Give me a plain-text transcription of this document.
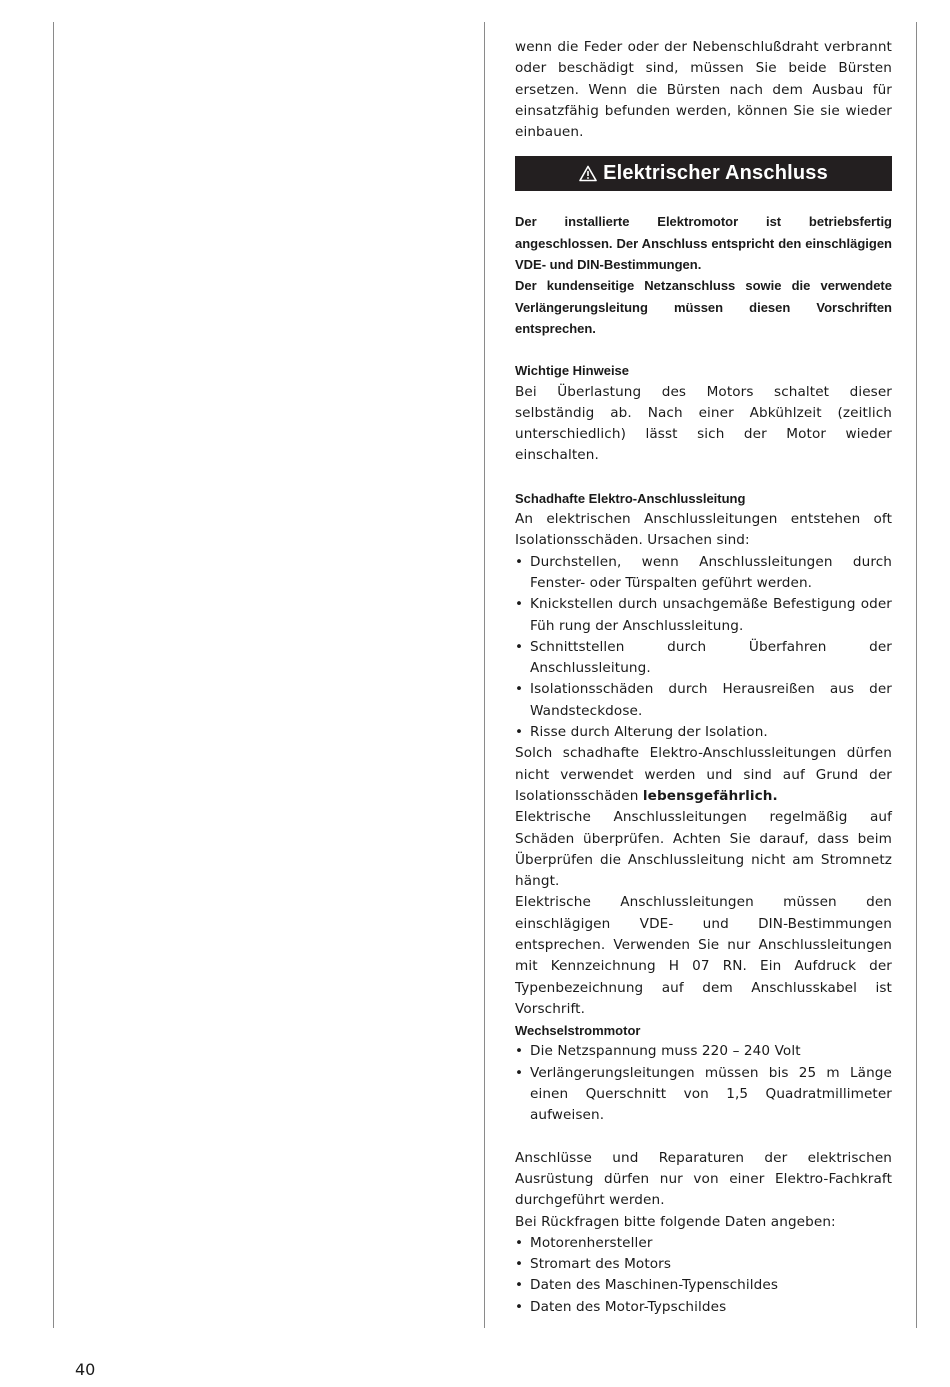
wenn die Feder oder der Nebenschlußdraht verbrannt oder beschädigt sind, müssen Sie beide Bürsten ersetzen. Wenn die Bürsten nach dem Ausbau für einsatzfähig befunden werden, können Sie sie wieder einbauen.

Elektrischer Anschluss

Der installierte Elektromotor ist betriebsfertig angeschlossen. Der Anschluss entspricht den einschlägigen VDE- und DIN-Bestimmungen.

Der kundenseitige Netzanschluss sowie die verwendete Verlängerungsleitung müssen diesen Vorschriften entsprechen.

Wichtige Hinweise

Bei Überlastung des Motors schaltet dieser selbständig ab. Nach einer Abkühlzeit (zeitlich unterschiedlich) lässt sich der Motor wieder einschalten.

Schadhafte Elektro-Anschlussleitung

An elektrischen Anschlussleitungen entstehen oft Isolationsschäden. Ursachen sind:

• Durchstellen, wenn Anschlussleitungen durch Fenster- oder Türspalten geführt werden.
• Knickstellen durch unsachgemäße Befestigung oder Füh rung der Anschlussleitung.
• Schnittstellen durch Überfahren der Anschlussleitung.
• Isolationsschäden durch Herausreißen aus der Wandsteckdose.
• Risse durch Alterung der Isolation.

Solch schadhafte Elektro-Anschlussleitungen dürfen nicht verwendet werden und sind auf Grund der Isolationsschäden lebensgefährlich.

Elektrische Anschlussleitungen regelmäßig auf Schäden überprüfen. Achten Sie darauf, dass beim Überprüfen die Anschlussleitung nicht am Stromnetz hängt.

Elektrische Anschlussleitungen müssen den einschlägigen VDE- und DIN-Bestimmungen entsprechen. Verwenden Sie nur Anschlussleitungen mit Kennzeichnung H 07 RN. Ein Aufdruck der Typenbezeichnung auf dem Anschlusskabel ist Vorschrift.

Wechselstrommotor

• Die Netzspannung muss 220 – 240 Volt
• Verlängerungsleitungen müssen bis 25 m Länge einen Querschnitt von 1,5 Quadratmillimeter aufweisen.

Anschlüsse und Reparaturen der elektrischen Ausrüstung dürfen nur von einer Elektro-Fachkraft durchgeführt werden.

Bei Rückfragen bitte folgende Daten angeben:

• Motorenhersteller
• Stromart des Motors
• Daten des Maschinen-Typenschildes
• Daten des Motor-Typschildes
40
